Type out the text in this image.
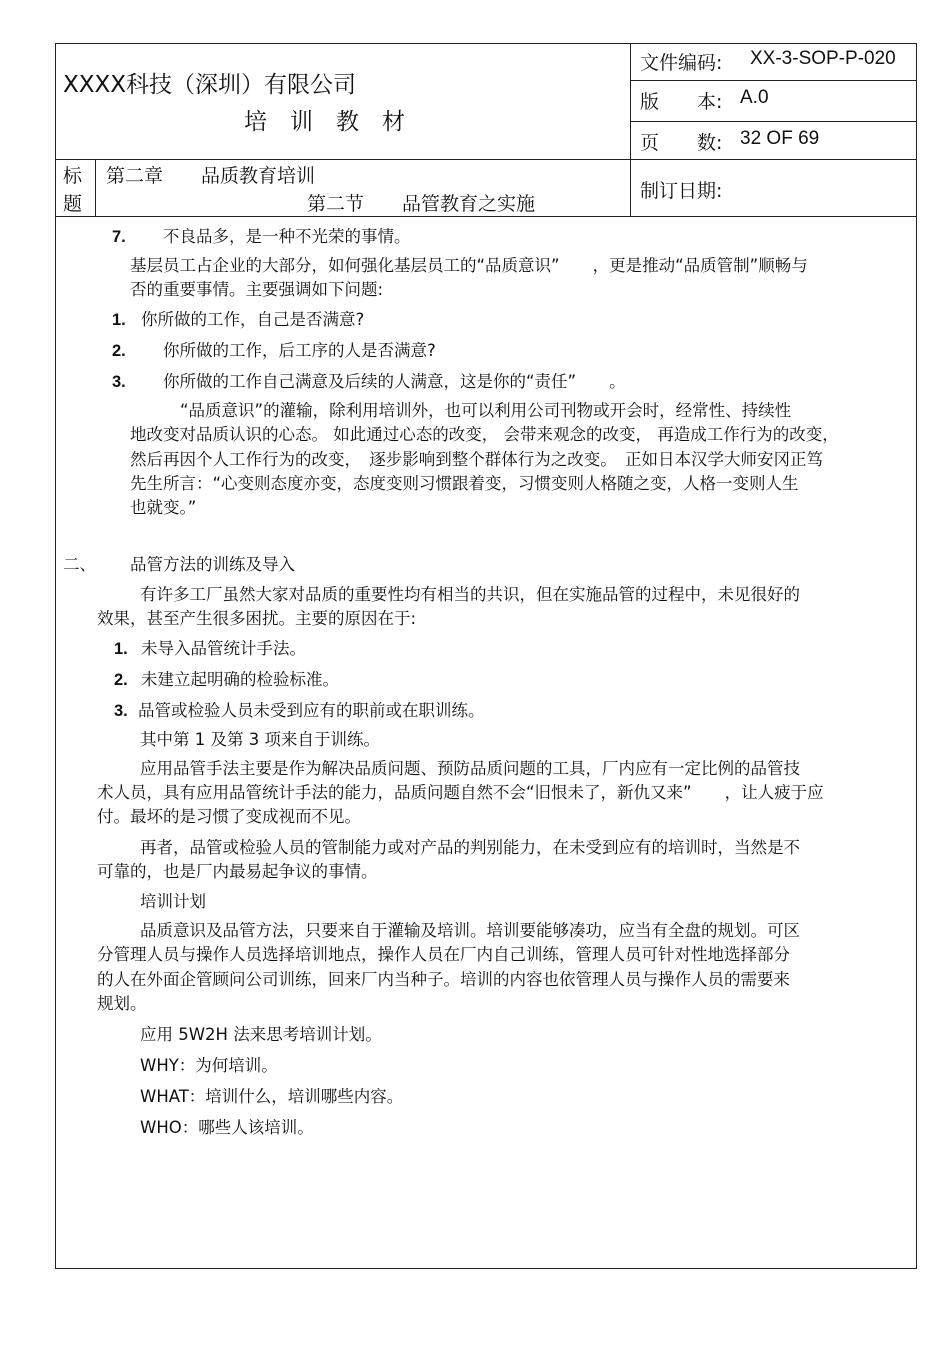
XXXX科技（深圳）有限公司
培　训　教　材
文件编码: XX-3-SOP-P-020
版　　本: A.0
页　　数: 32 OF 69
标
题
第二章　　品质教育培训
第二节　　品管教育之实施
制订日期:
7. 不良品多，是一种不光荣的事情。
基层员工占企业的大部分，如何强化基层员工的“品质意识”　　，更是推动“品质管制”顺畅与
否的重要事情。主要强调如下问题:
1. 你所做的工作，自己是否满意?
2. 你所做的工作，后工序的人是否满意?
3. 你所做的工作自己满意及后续的人满意，这是你的“责任”　　。
“品质意识”的灌输，除利用培训外，也可以利用公司刊物或开会时，经常性、持续性
地改变对品质认识的心态。 如此通过心态的改变， 会带来观念的改变， 再造成工作行为的改变，
然后再因个人工作行为的改变，　逐步影响到整个群体行为之改变。　正如日本汉学大师安冈正笃
先生所言：“心变则态度亦变，态度变则习惯跟着变，习惯变则人格随之变，人格一变则人生
也就变。”
二、 品管方法的训练及导入
有许多工厂虽然大家对品质的重要性均有相当的共识，但在实施品管的过程中，未见很好的
效果，甚至产生很多困扰。主要的原因在于:
1. 未导入品管统计手法。
2. 未建立起明确的检验标准。
3. 品管或检验人员未受到应有的职前或在职训练。
其中第 1 及第 3 项来自于训练。
应用品管手法主要是作为解决品质问题、预防品质问题的工具，厂内应有一定比例的品管技
术人员，具有应用品管统计手法的能力，品质问题自然不会“旧恨未了，新仇又来”　　，让人疲于应
付。最坏的是习惯了变成视而不见。
再者，品管或检验人员的管制能力或对产品的判别能力，在未受到应有的培训时，当然是不
可靠的，也是厂内最易起争议的事情。
培训计划
品质意识及品管方法，只要来自于灌输及培训。培训要能够凑功，应当有全盘的规划。可区
分管理人员与操作人员选择培训地点，操作人员在厂内自己训练，管理人员可针对性地选择部分
的人在外面企管顾问公司训练，回来厂内当种子。培训的内容也依管理人员与操作人员的需要来
规划。
应用 5W2H 法来思考培训计划。
WHY：为何培训。
WHAT：培训什么，培训哪些内容。
WHO：哪些人该培训。
